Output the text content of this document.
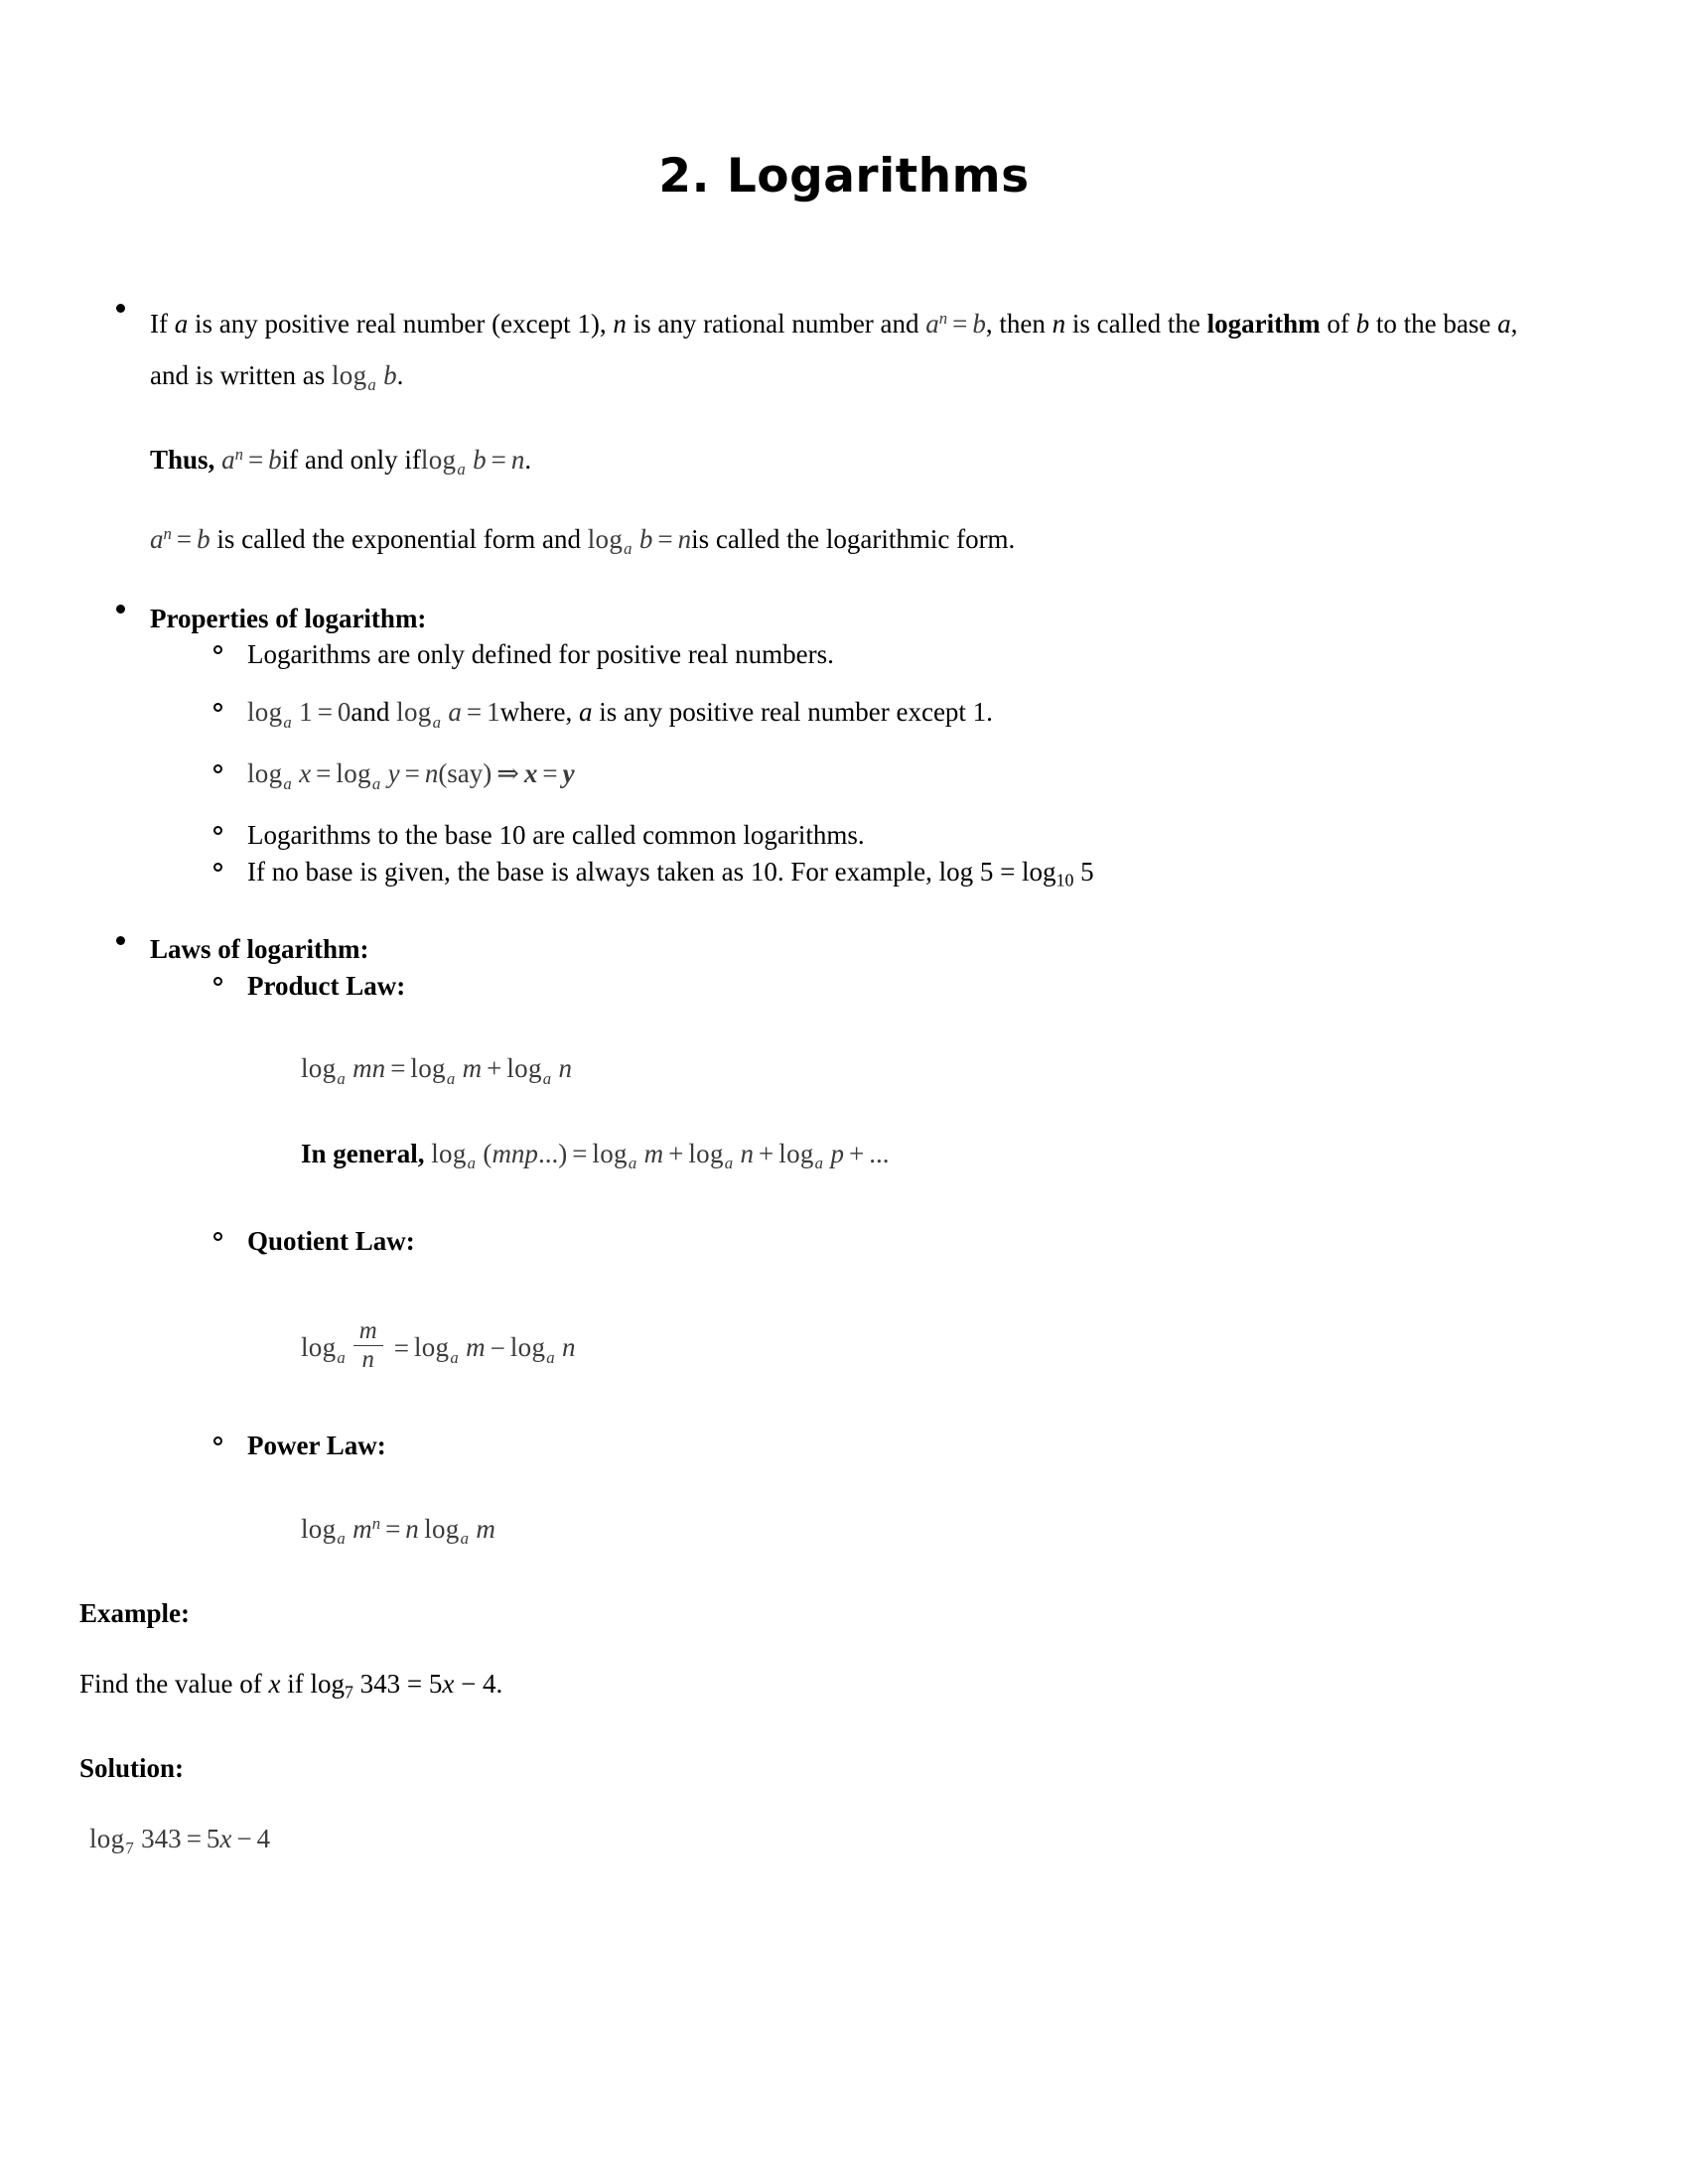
2. Logarithms
If a is any positive real number (except 1), n is any rational number and $a^n = b$, then n is called the logarithm of b to the base a, and is written as $\log_a b$.
Thus, $a^n$ = bif and only iflog$_a$ b = n.
$a^n = b$ is called the exponential form and $\log_a b$ = nis called the logarithmic form.
Properties of logarithm:
Logarithms are only defined for positive real numbers.
$\log_a 1 = 0and$ $\log_a a$ = 1where, a is any positive real number except 1.
$\log_a x = \log_a y = n(say)$ ⇒ x = y
Logarithms to the base 10 are called common logarithms.
If no base is given, the base is always taken as 10. For example, $\log 5 = \log_{10} 5$
Laws of logarithm:
Product Law:
$\log_a$ mn = $\log_a m + \log_a n$
In general, $\log_a (mnp...) = \log_a m + \log_a n + \log_a p$ + ...
Quotient Law:
$\log_a \frac{m}{n} = \log_a m - \log_a n$
Power Law:
$\log_a m^n = n$ $\log_a m$
Example:
Find the value of x if $\log_7 343 = 5x - 4$.
Solution:
$\log_7 343 = 5x - 4$
